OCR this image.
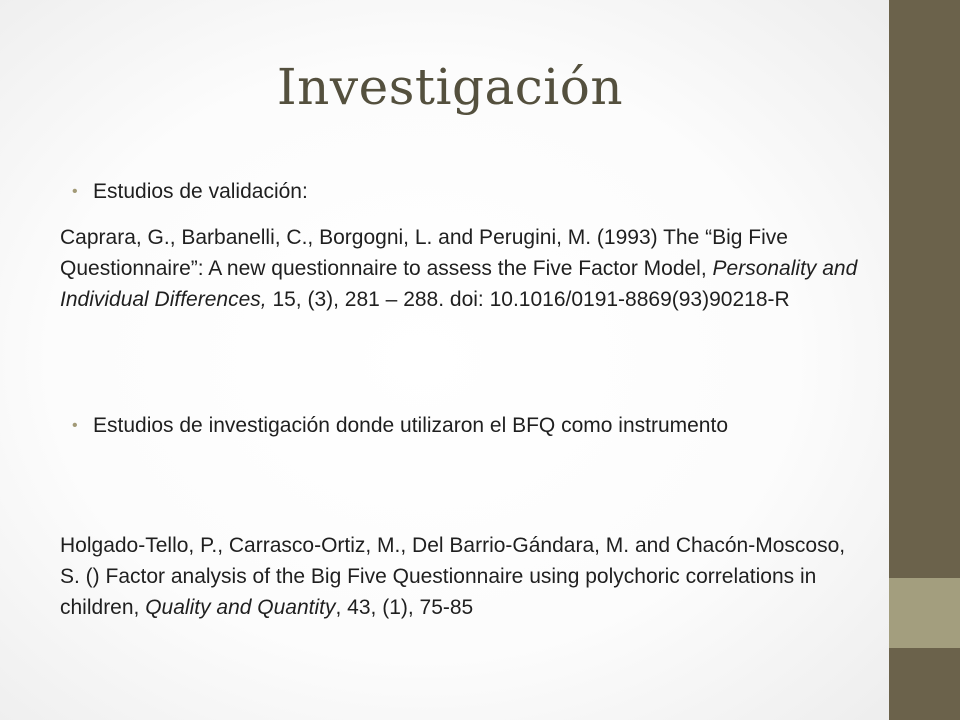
Investigación
• Estudios de validación:
Caprara, G., Barbanelli, C., Borgogni, L. and Perugini, M. (1993) The “Big Five Questionnaire”: A new questionnaire to assess the Five Factor Model, Personality and Individual Differences, 15, (3), 281 – 288. doi: 10.1016/0191-8869(93)90218-R
• Estudios de investigación donde utilizaron el BFQ como instrumento
Holgado-Tello, P., Carrasco-Ortiz, M., Del Barrio-Gándara, M. and Chacón-Moscoso, S. () Factor analysis of the Big Five Questionnaire using polychoric correlations in children, Quality and Quantity, 43, (1), 75-85
